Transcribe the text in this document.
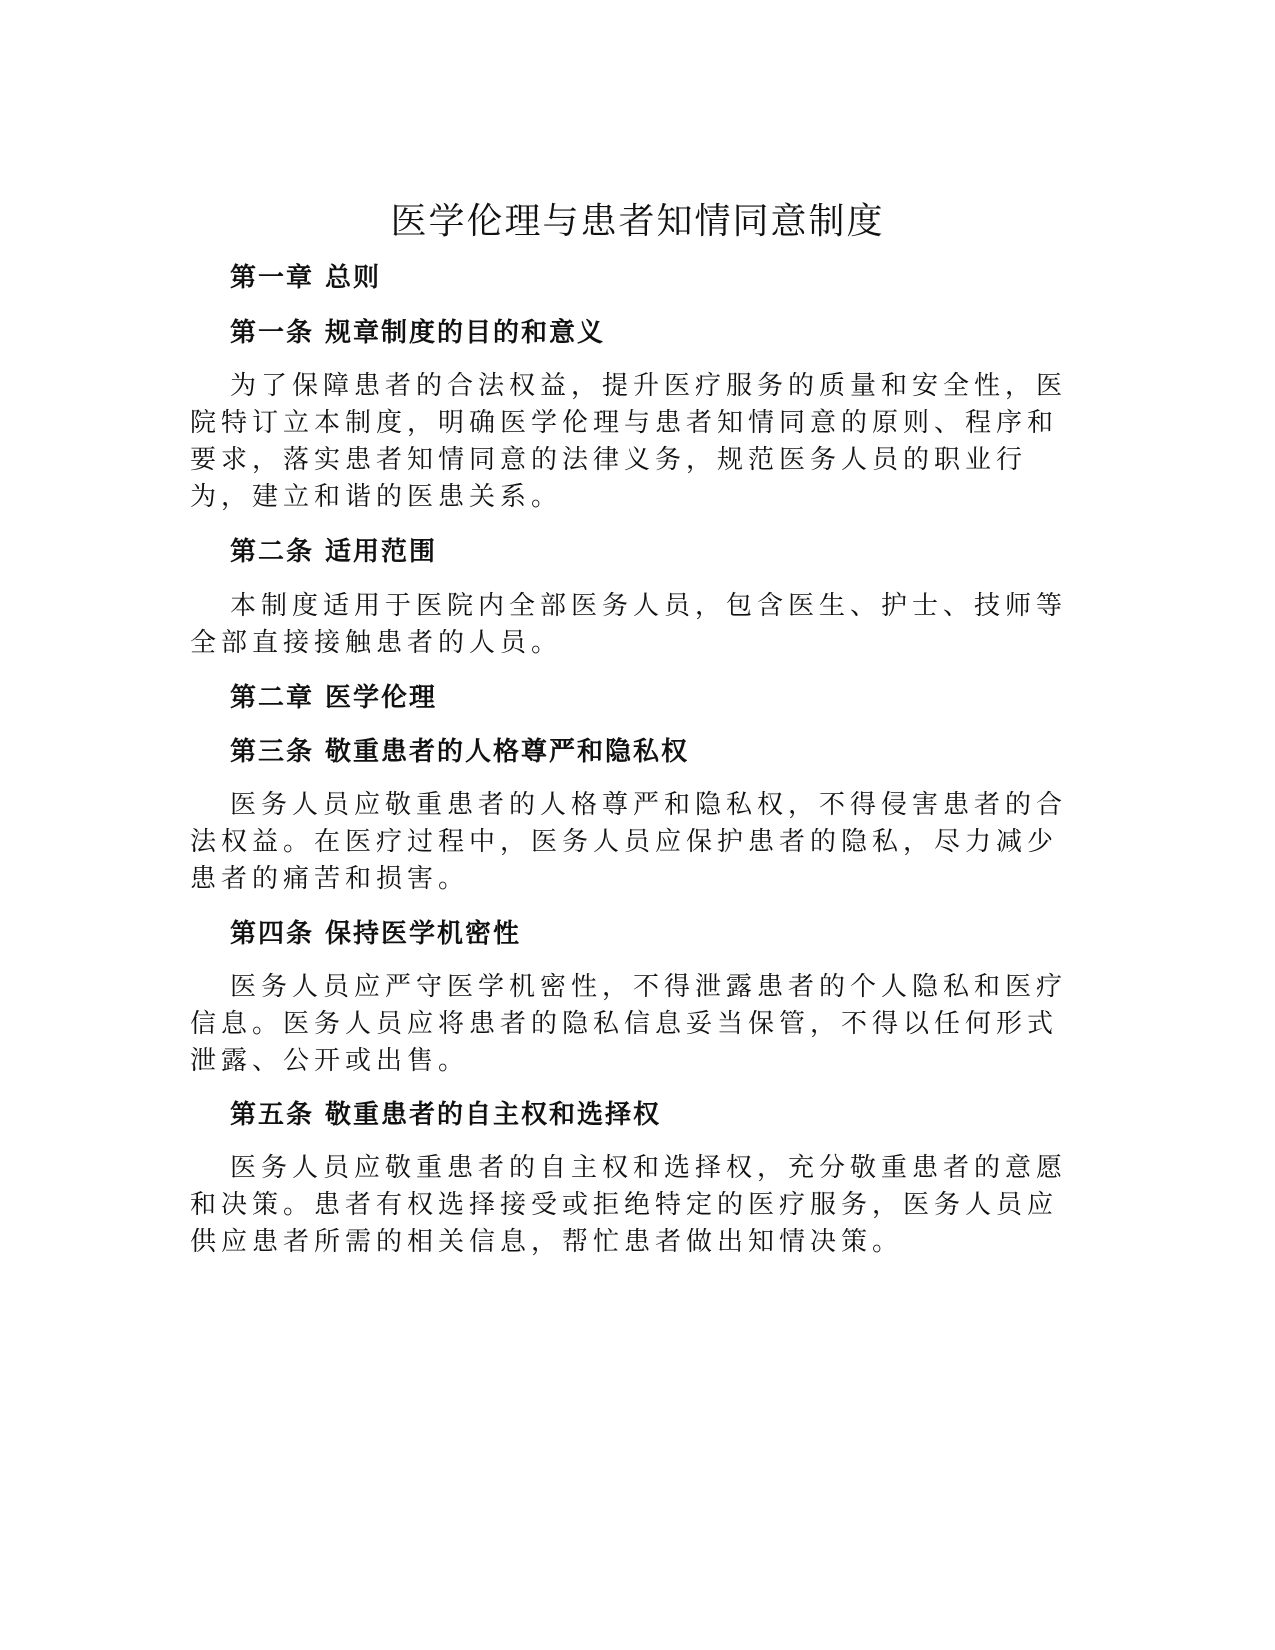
医学伦理与患者知情同意制度
第一章 总则
第一条 规章制度的目的和意义

为了保障患者的合法权益，提升医疗服务的质量和安全性，医院特订立本制度，明确医学伦理与患者知情同意的原则、程序和要求，落实患者知情同意的法律义务，规范医务人员的职业行为，建立和谐的医患关系。

第二条 适用范围

本制度适用于医院内全部医务人员，包含医生、护士、技师等全部直接接触患者的人员。

第二章 医学伦理
第三条 敬重患者的人格尊严和隐私权

医务人员应敬重患者的人格尊严和隐私权，不得侵害患者的合法权益。在医疗过程中，医务人员应保护患者的隐私，尽力减少患者的痛苦和损害。

第四条 保持医学机密性

医务人员应严守医学机密性，不得泄露患者的个人隐私和医疗信息。医务人员应将患者的隐私信息妥当保管，不得以任何形式泄露、公开或出售。

第五条 敬重患者的自主权和选择权

医务人员应敬重患者的自主权和选择权，充分敬重患者的意愿和决策。患者有权选择接受或拒绝特定的医疗服务，医务人员应供应患者所需的相关信息，帮忙患者做出知情决策。
